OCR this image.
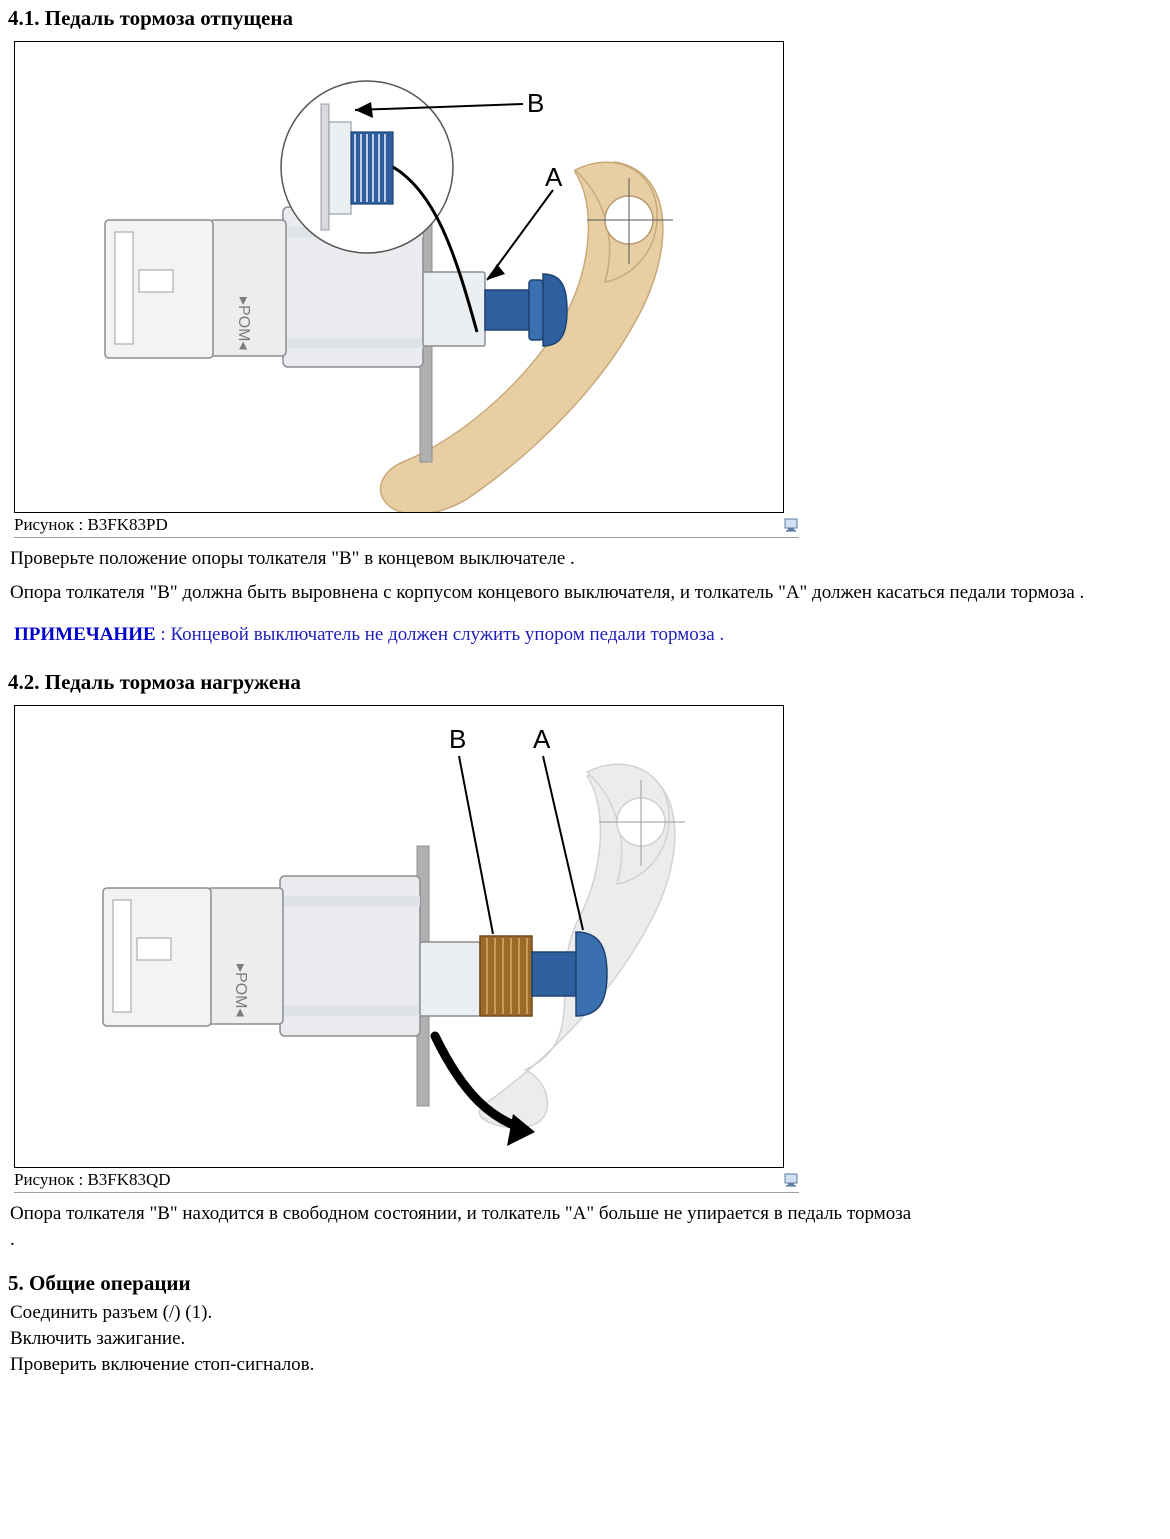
4.1. Педаль тормоза отпущена
▸POM◂
B
A
Рисунок : B3FK83PD
Проверьте положение опоры толкателя "B" в концевом выключателе .
Опора толкателя "B" должна быть выровнена с корпусом концевого выключателя, и толкатель "A" должен касаться педали тормоза .
ПРИМЕЧАНИЕ : Концевой выключатель не должен служить упором педали тормоза .
4.2. Педаль тормоза нагружена
▸POM◂
B	A
Рисунок : B3FK83QD
Опора толкателя "B" находится в свободном состоянии, и толкатель "A" больше не упирается в педаль тормоза
.
5. Общие операции
Соединить разъем (/) (1).
Включить зажигание.
Проверить включение стоп-сигналов.
